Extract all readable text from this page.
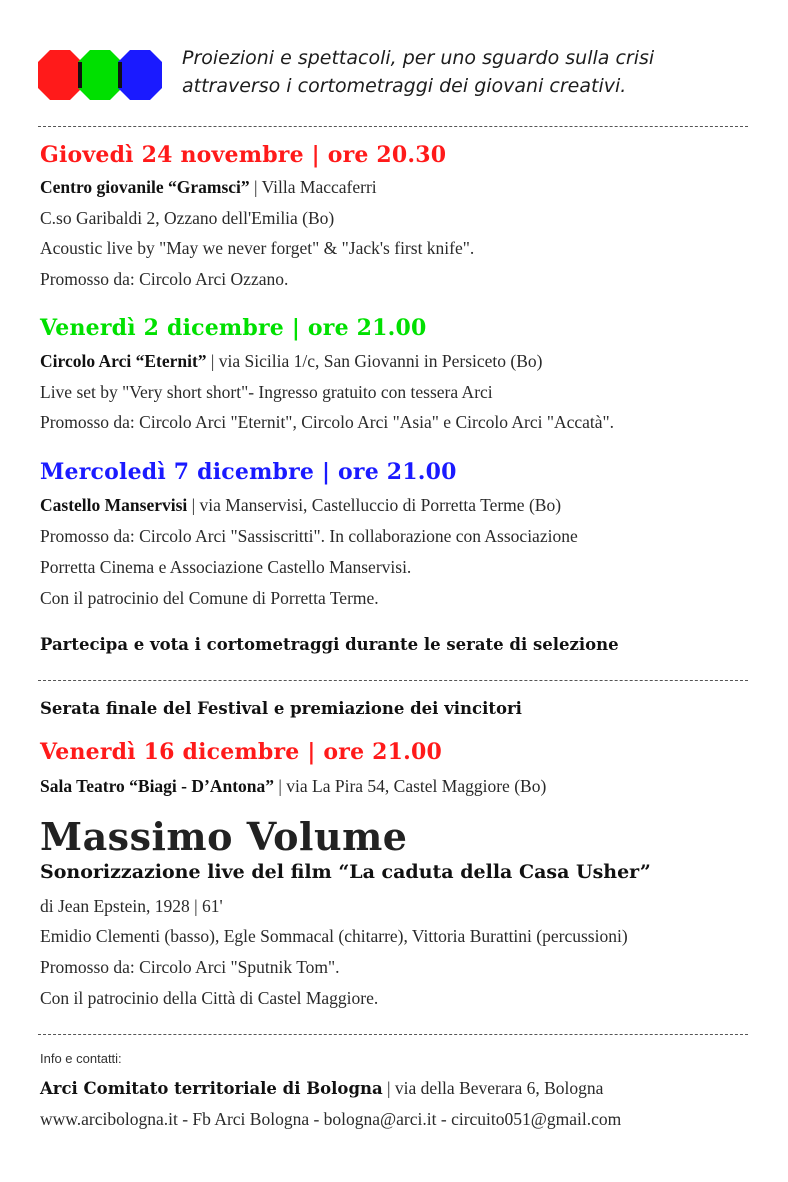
Proiezioni e spettacoli, per uno sguardo sulla crisi
attraverso i cortometraggi dei giovani creativi.
Giovedì 24 novembre | ore 20.30
Centro giovanile “Gramsci” | Villa Maccaferri
C.so Garibaldi 2, Ozzano dell'Emilia (Bo)
Acoustic live by "May we never forget" & "Jack's first knife".
Promosso da: Circolo Arci Ozzano.
Venerdì 2 dicembre | ore 21.00
Circolo Arci “Eternit” | via Sicilia 1/c, San Giovanni in Persiceto (Bo)
Live set by "Very short short"- Ingresso gratuito con tessera Arci
Promosso da: Circolo Arci "Eternit", Circolo Arci "Asia" e Circolo Arci "Accatà".
Mercoledì 7 dicembre | ore 21.00
Castello Manservisi | via Manservisi, Castelluccio di Porretta Terme (Bo)
Promosso da: Circolo Arci "Sassiscritti". In collaborazione con Associazione
Porretta Cinema e Associazione Castello Manservisi.
Con il patrocinio del Comune di Porretta Terme.
Partecipa e vota i cortometraggi durante le serate di selezione
Serata finale del Festival e premiazione dei vincitori
Venerdì 16 dicembre | ore 21.00
Sala Teatro “Biagi - D’Antona” | via La Pira 54, Castel Maggiore (Bo)
Massimo Volume
Sonorizzazione live del film “La caduta della Casa Usher”
di Jean Epstein, 1928 | 61'
Emidio Clementi (basso), Egle Sommacal (chitarre), Vittoria Burattini (percussioni)
Promosso da: Circolo Arci "Sputnik Tom".
Con il patrocinio della Città di Castel Maggiore.
Info e contatti:
Arci Comitato territoriale di Bologna | via della Beverara 6, Bologna
www.arcibologna.it - Fb Arci Bologna - bologna@arci.it - circuito051@gmail.com
